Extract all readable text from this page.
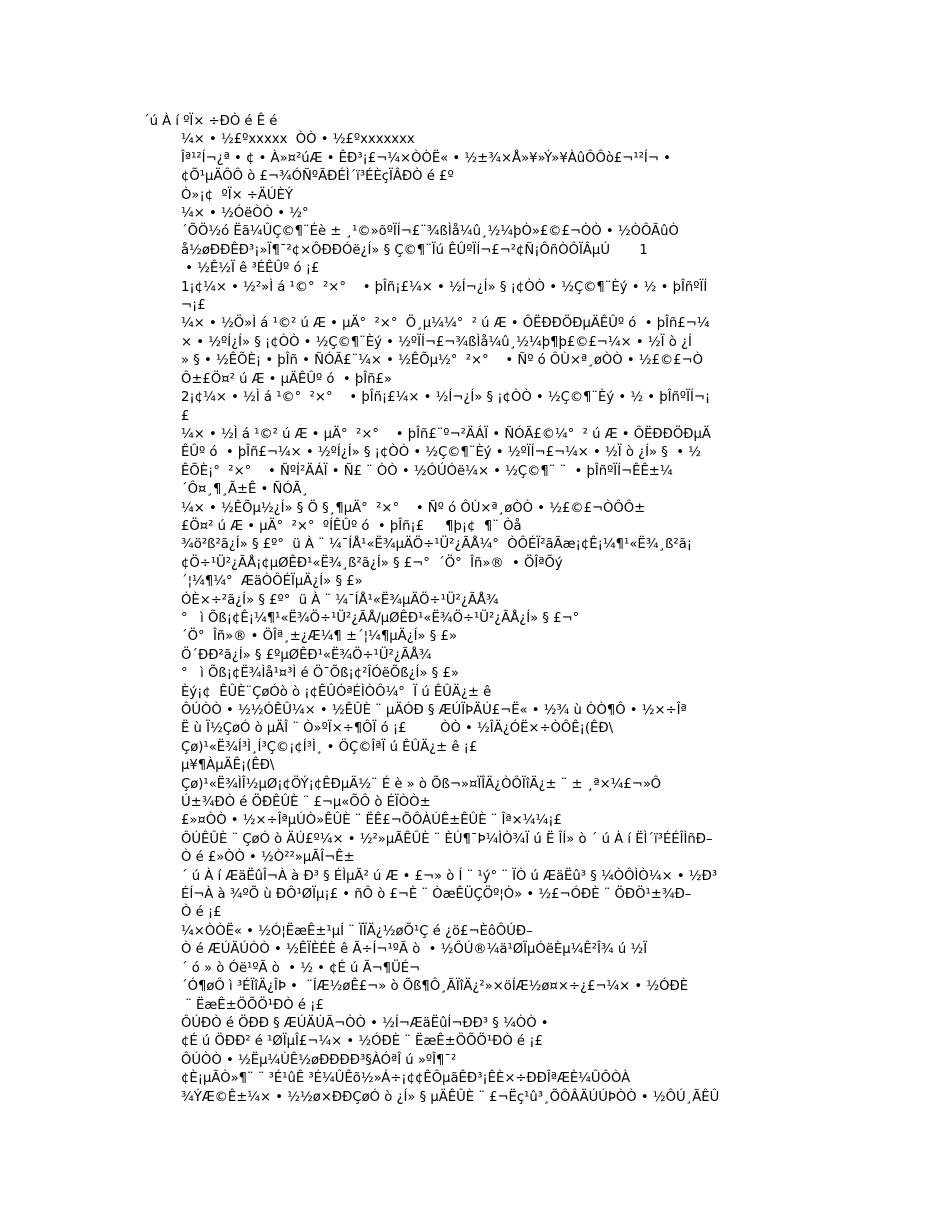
´ú À í ºÏ× ÷ÐÒ é Ê é
¼× • ½£ºxxxxx  ÒÒ • ½£ºxxxxxxx
Îª¹²Í¬¿ª • ¢ • À»¤²úÆ • ÊÐ³¡£¬¼×ÒÒË« • ½±¾×Å»¥»Ý»¥ÀûÔÔò£¬¹²Í¬ •
¢Õ¹µÄÔÔ ò £¬¾ÓÑºÃÐÉÌ´ï³ÉÈçÏÂÐÒ é £º
Ò»¡¢  ºÏ× ÷ÄÚÈÝ
¼× • ½ÓëÒÒ • ½°
´ÕÖ½ó Ëã¼ÛÇ©¶¨Éè ± ¸¹©»õºÏÍ¬£¨¾ßÌå¼û¸½¼þÒ»£©£¬ÒÒ • ½ÒÔÃûÒ
å½øÐÐÊÐ³¡»Ï¶¯²¢×ÔÐÐÓë¿Í» § Ç©¶¨Ïú ÊÛºÏÍ¬£¬²¢Ñ¡ÔñÒÔÏÂµÚ       1
• ½Ê½Ï ê ³ÉÊÛº ó ¡£
1¡¢¼× • ½²»Ì á ¹©°  ²×°    • þÎñ¡£¼× • ½Í¬¿Í» § ¡¢ÒÒ • ½Ç©¶¨Èý • ½ • þÎñºÏÍ
¬¡£
¼× • ½Ö»Ì á ¹©² ú Æ • µÄ°  ²×°  Ö¸µ¼¼°  ² ú Æ • ÔËÐÐÖÐµÄÊÛº ó  • þÎñ£¬¼
× • ½ºÍ¿Í» § ¡¢ÒÒ • ½Ç©¶¨Èý • ½ºÏÍ¬£¬¾ßÌå¼û¸½¼þ¶þ£©£¬¼× • ½Ï ò ¿Í
» § • ½ÊÕÈ¡ • þÎñ • ÑÓÃ£¨¼× • ½ÊÕµ½°  ²×°    • Ñº ó ÔÙ×ª¸øÒÒ • ½£©£¬Ò
Ô±£Ö¤² ú Æ • µÄÊÛº ó  • þÎñ£»
2¡¢¼× • ½Ì á ¹©°  ²×°    • þÎñ¡£¼× • ½Í¬¿Í» § ¡¢ÒÒ • ½Ç©¶¨Èý • ½ • þÎñºÏÍ¬¡
£
¼× • ½Ì á ¹©² ú Æ • µÄ°  ²×°    • þÎñ£¨º¬²ÄÁÏ • ÑÓÃ£©¼°  ² ú Æ • ÔËÐÐÖÐµÄ
ÊÛº ó  • þÎñ£¬¼× • ½ºÍ¿Í» § ¡¢ÒÒ • ½Ç©¶¨Èý • ½ºÏÍ¬£¬¼× • ½Ï ò ¿Í» §  • ½
ÊÕÈ¡°  ²×°    • ÑºÍ²ÄÁÏ • Ñ£ ¨ ÒÒ • ½ÓÚÓë¼× • ½Ç©¶¨ ¨  • þÎñºÏÍ¬ÊÊ±¼
´Ô¤¸¶¸Ã±Ê • ÑÓÃ¸
¼× • ½ÊÕµ½¿Í» § Ö §¸¶µÄ°  ²×°    • Ñº ó ÔÙ×ª¸øÒÒ • ½£©£¬ÒÔÔ±
£Ö¤² ú Æ • µÄ°  ²×°  ºÍÊÛº ó  • þÎñ¡£     ¶þ¡¢  ¶¨ Òå
¾ö²ß²ã¿Í» § £º°  ü À ¨ ¼¯ÍÅ¹«Ë¾µÄÖ÷¹Ü²¿ÃÅ¼°  ÒÔÉÏ²ãÃæ¡¢Ê¡¼¶¹«Ë¾¸ß²ã¡
¢Ö÷¹Ü²¿ÃÅ¡¢µØÊÐ¹«Ë¾¸ß²ã¿Í» § £¬°  ´Ö°  Îñ»®  • ÖÎªÕý
´¦¼¶¼°  ÆäÒÔÉÏµÄ¿Í» § £»
ÓÈ×÷²ã¿Í» § £º°  ü À ¨ ¼¯ÍÅ¹«Ë¾µÄÖ÷¹Ü²¿ÃÅ¾
°   ì Õß¡¢Ê¡¼¶¹«Ë¾Ö÷¹Ü²¿ÃÅ/µØÊÐ¹«Ë¾Ö÷¹Ü²¿ÃÅ¿Í» § £¬°
´Ö°  Îñ»® • ÖÎª¸±¿Æ¼¶ ±´¦¼¶µÄ¿Í» § £»
Ö´ÐÐ²ã¿Í» § £ºµØÊÐ¹«Ë¾Ö÷¹Ü²¿ÃÅ¾
°   ì Õß¡¢Ë¾Ìå¹¤³Ì é Ö¯Õß¡¢²ÎÓëÕß¿Í» § £»
Èý¡¢  ÊÛÈ¨ÇøÓò ò ¡¢ÊÛÓªÉÌÒÔ¼°  Ï ú ÊÛÄ¿± ê
ÔÚÒÒ • ½½ÓÊÛ¼× • ½ÊÛÈ ¨ µÄÓÐ § ÆÚÏÞÄÚ£¬Ë« • ½¾ ù ÒÒ¶Ô • ½×÷Îª
Ë ù Ï½ÇøÓ ò µÄÎ ¨ Ò»ºÏ×÷¶ÔÏ ó ¡£        ÒÒ • ½ÎÄ¿ÓË×÷ÒÔÊ¡(ÊÐ\
Çø)¹«Ë¾Í³Ì¸Í³Ç©¡¢Í³Ì¸ • ÖÇ©ÎªÏ ú ÊÛÄ¿± ê ¡£
µ¥¶ÀµÄÊ¡(ÊÐ\
Çø)¹«Ë¾ÌÎ½µØ¡¢ÖÝ¡¢ÊÐµÄ½¨ É è » ò Õß¬»¤ÏÎÄ¿ÒÔÏîÄ¿± ¨ ± ¸ª×¼£¬»Ô
Ú±¾ÐÒ é ÖÐÊÛÈ ¨ £¬µ«ÕÔ ò ÉÏÒÒ±
£»¤ÒÒ • ½×÷ÎªµÚÒ»ÊÛÈ ¨ ËÊ£¬ÕÔÀÚÊ±ÊÛÈ ¨ Îª×¼¼¡£
ÔÚÊÛÈ ¨ ÇøÓ ò ÄÚ£º¼× • ½²»µÃÊÛÈ ¨ ÈÚ¶¯Þ¼ÌÒ¾Ï ú Ë ÎÍ» ò ´ ú À í ËÌ´ï³ÉÉÎÌñÐ–
Ò é £»ÒÒ • ½Ò²²»µÃÎ¬Ê±
´ ú À í ÆäËûÎ¬À à Ð³ § ÉÌµÃ² ú Æ • £¬» ò Í ¨ ¹ý° ¨ ÏÒ ú ÆäËû³ § ¼ÒÔÌÒ¼× • ½Ð³
ÉÍ¬À à ¾ºÕ ù ÐÔ¹ØÏµ¡£ • ñÔ ò £¬È ¨ ÒæÊÜÇÖº¦Ò» • ½£¬ÓÐÈ ¨ ÖÐÖ¹±¾Ð–
Ò é ¡£
¼×ÒÒË« • ½Ó¦ËæÊ±¹µÍ ¨ ÏÏÄ¿½øÕ¹Ç é ¿ö£¬ÈôÔÚÐ–
Ò é ÆÚÄÚÒÒ • ½ÊÏÈÉÈ ê Ã÷Í¬¹ºÃ ò  • ½ÔÚ®¼ä¹ØÏµÓëÈµ¼Ê²Î¾ ú ½Ï
´ ó » ò Óë¹ºÃ ò  • ½ • ¢É ú Ã¬¶ÜÉ¬
´Ó¶øÔ ì ³ÉÏîÄ¿ÎÞ •  ¨ÍÆ½øÊ£¬» ò Õß¶Ô¸ÃÏîÄ¿²»×öÍÆ½ø¤×÷¿£¬¼× • ½ÓÐÈ
¨ ËæÊ±ÖÕÖ¹ÐÒ é ¡£
ÔÚÐÒ é ÖÐÐ § ÆÚÄÚÃ¬ÒÒ • ½Í¬ÆäËûÍ¬ÐÐ³ § ¼ÒÒ •
¢É ú ÖÐÐ² é ¹ØÏµÎ£¬¼× • ½ÓÐÈ ¨ ËæÊ±ÖÕÖ¹ÐÒ é ¡£
ÔÚÒÒ • ½Ëµ¼ÙÊ½øÐÐÐÐ³§ÀÓªÎ ú »ºÎ¶¯²
¢È¡µÃÒ»¶¨ ¨ ³É¹ûÊ ³É¼ÛÊõ½»Á÷¡¢¢ÊÔµãÊÐ³¡ÊÈ×÷ÐÐÎªÆÈ¼ÛÔÒÀ
¾ÝÆ©Ê±¼× • ½½ø×ÐÐÇøÓ ò ¿Í» § µÄÊÛÈ ¨ £¬Ëç¹û³¸ÕÔÂÄÚÚÞÒÒ • ½ÔÚ¸ÃÊÛ
